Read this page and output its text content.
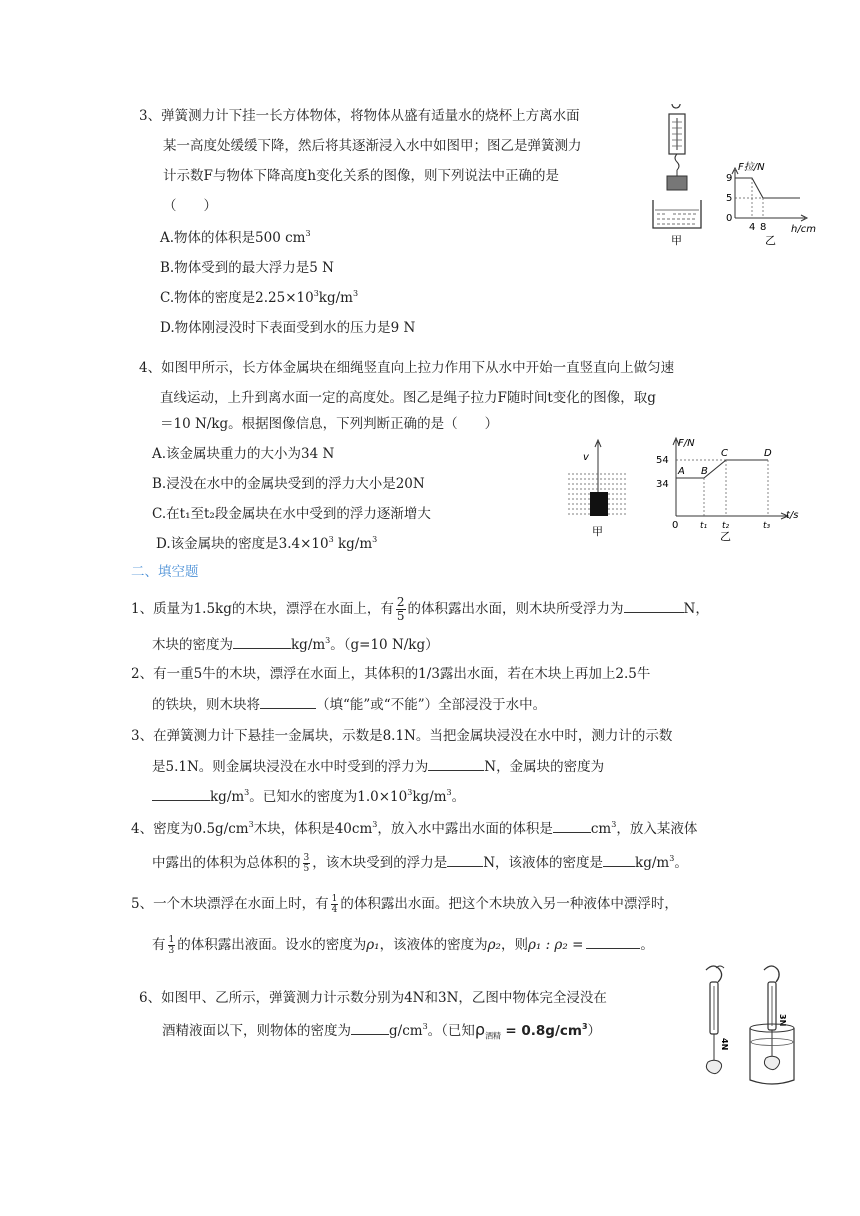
3、弹簧测力计下挂一长方体物体，将物体从盛有适量水的烧杯上方离水面
某一高度处缓缓下降，然后将其逐渐浸入水中如图甲；图乙是弹簧测力
计示数F与物体下降高度h变化关系的图像，则下列说法中正确的是
（　　）
A.物体的体积是500 $cm^3$
B.物体受到的最大浮力是5 N
C.物体的密度是$2.25\times 10^3kg/m^3$
D.物体刚浸没时下表面受到水的压力是9 N
甲
F拉/N
9
5
0
4 8 h/cm
乙
4、如图甲所示，长方体金属块在细绳竖直向上拉力作用下从水中开始一直竖直向上做匀速
直线运动，上升到离水面一定的高度处。图乙是绳子拉力F随时间t变化的图像，取g
＝10 N/kg。根据图像信息，下列判断正确的是（　　）
A.该金属块重力的大小为34 N
B.浸没在水中的金属块受到的浮力大小是20N
C.在t₁至t₂段金属块在水中受到的浮力逐渐增大
D.该金属块的密度是$3.4\times 10^3$ $kg/m^3$
v
甲
F/N
54
34
A B
C	D
0 t₁ t₂	t₃
t/s
乙
二、填空题
1、质量为1.5kg的木块，漂浮在水面上，有 $\frac{2}{5}$ 的体积露出水面，则木块所受浮力为	N，
木块的密度为	$kg/m^3$。（g=10 N/kg）
2、有一重5牛的木块，漂浮在水面上，其体积的1/3露出水面，若在木块上再加上2.5牛
的铁块，则木块将	（填“能”或“不能”）全部浸没于水中。
3、在弹簧测力计下悬挂一金属块，示数是8.1N。当把金属块浸没在水中时，测力计的示数
是5.1N。则金属块浸没在水中时受到的浮力为	N，金属块的密度为
$kg/m^3$。已知水的密度为$1.0\times 10^3kg/m^3$。
4、密度为$0.5g/cm^3$木块，体积是$40cm^3$，放入水中露出水面的体积是	$cm^3$，放入某液体
中露出的体积为总体积的 $\frac{3}{5}$ ，该木块受到的浮力是	N，该液体的密度是 $kg/m^3$。
5、一个木块漂浮在水面上时，有 $\frac{1}{4}$ 的体积露出水面。把这个木块放入另一种液体中漂浮时，
有 $\frac{1}{3}$ 的体积露出液面。设水的密度为ρ₁，该液体的密度为ρ₂，则ρ₁ : ρ₂ =	。
6、如图甲、乙所示，弹簧测力计示数分别为4N和3N，乙图中物体完全浸没在
酒精液面以下，则物体的密度为	$g/cm^3$。（已知$\rho_{酒精} = 0.8g/cm^3$）
4N
3N
